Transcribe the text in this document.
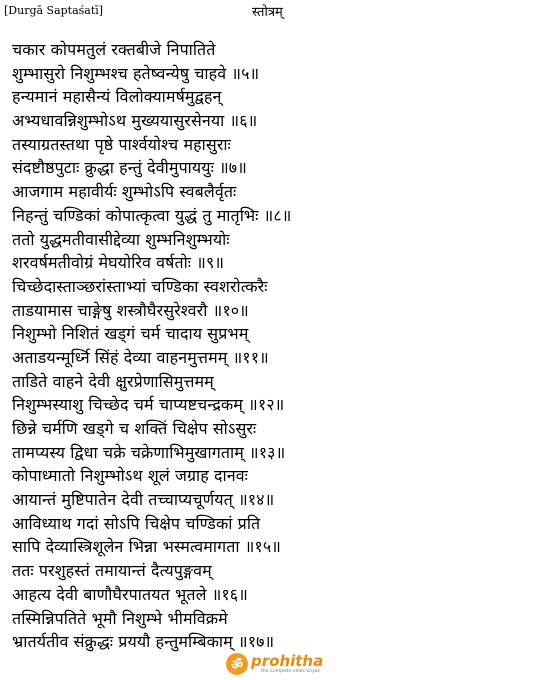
[Durgā Saptaśatī]	स्तोत्रम्
चकार कोपमतुलं रक्तबीजे निपातिते
शुम्भासुरो निशुम्भश्च हतेष्वन्येषु चाहवे ॥५॥
हन्यमानं महासैन्यं विलोक्यामर्षमुद्वहन्
अभ्यधावन्निशुम्भोऽथ मुख्ययासुरसेनया ॥६॥
तस्याग्रतस्तथा पृष्ठे पार्श्वयोश्च महासुराः
संदष्टौष्ठपुटाः क्रुद्धा हन्तुं देवीमुपाययुः ॥७॥
आजगाम महावीर्यः शुम्भोऽपि स्वबलैर्वृतः
निहन्तुं चण्डिकां कोपात्कृत्वा युद्धं तु मातृभिः ॥८॥
ततो युद्धमतीवासीद्देव्या शुम्भनिशुम्भयोः
शरवर्षमतीवोग्रं मेघयोरिव वर्षतोः ॥९॥
चिच्छेदास्ताञ्छरांस्ताभ्यां चण्डिका स्वशरोत्करैः
ताडयामास चाङ्गेषु शस्त्रौघैरसुरेश्वरौ ॥१०॥
निशुम्भो निशितं खड्गं चर्म चादाय सुप्रभम्
अताडयन्मूर्ध्नि सिंहं देव्या वाहनमुत्तमम् ॥११॥
ताडिते वाहने देवी क्षुरप्रेणासिमुत्तमम्
निशुम्भस्याशु चिच्छेद चर्म चाप्यष्टचन्द्रकम् ॥१२॥
छिन्ने चर्मणि खड्गे च शक्तिं चिक्षेप सोऽसुरः
तामप्यस्य द्विधा चक्रे चक्रेणाभिमुखागताम् ॥१३॥
कोपाध्मातो निशुम्भोऽथ शूलं जग्राह दानवः
आयान्तं मुष्टिपातेन देवी तच्चाप्यचूर्णयत् ॥१४॥
आविध्याथ गदां सोऽपि चिक्षेप चण्डिकां प्रति
सापि देव्यास्त्रिशूलेन भिन्ना भस्मत्वमागता ॥१५॥
ततः परशुहस्तं तमायान्तं दैत्यपुङ्गवम्
आहत्य देवी बाणौघैरपातयत भूतले ॥१६॥
तस्मिन्निपतिते भूमौ निशुम्भे भीमविक्रमे
भ्रातर्यतीव संक्रुद्धः प्रययौ हन्तुमम्बिकाम् ॥१७॥
ॐ prohitha
the Complete vedic kriyas
